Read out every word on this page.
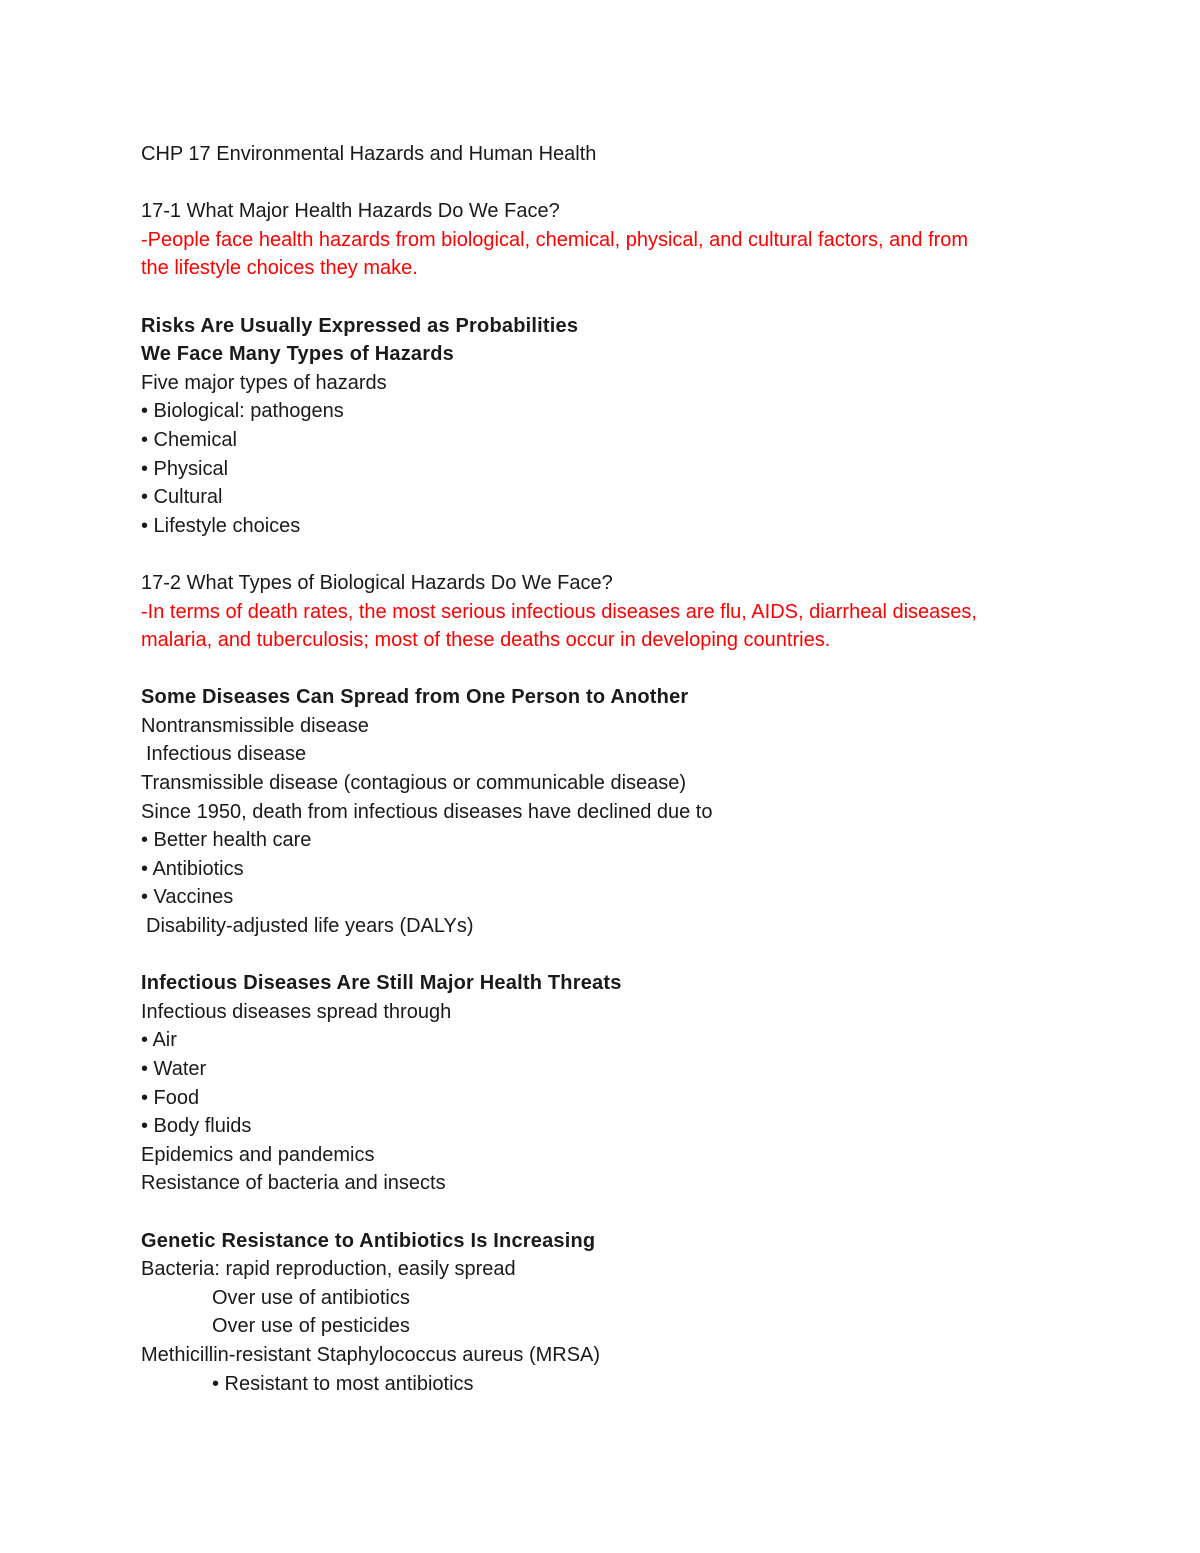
CHP 17 Environmental Hazards and Human Health

17-1 What Major Health Hazards Do We Face?

-People face health hazards from biological, chemical, physical, and cultural factors, and from

the lifestyle choices they make.

Risks Are Usually Expressed as Probabilities

We Face Many Types of Hazards

Five major types of hazards

• Biological: pathogens

• Chemical

• Physical

• Cultural

• Lifestyle choices

17-2 What Types of Biological Hazards Do We Face?

-In terms of death rates, the most serious infectious diseases are flu, AIDS, diarrheal diseases,

malaria, and tuberculosis; most of these deaths occur in developing countries.

Some Diseases Can Spread from One Person to Another

Nontransmissible disease

Infectious disease

Transmissible disease (contagious or communicable disease)

Since 1950, death from infectious diseases have declined due to

• Better health care

• Antibiotics

• Vaccines

Disability-adjusted life years (DALYs)

Infectious Diseases Are Still Major Health Threats

Infectious diseases spread through

• Air

• Water

• Food

• Body fluids

Epidemics and pandemics

Resistance of bacteria and insects

Genetic Resistance to Antibiotics Is Increasing

Bacteria: rapid reproduction, easily spread

Over use of antibiotics

Over use of pesticides

Methicillin-resistant Staphylococcus aureus (MRSA)

• Resistant to most antibiotics
